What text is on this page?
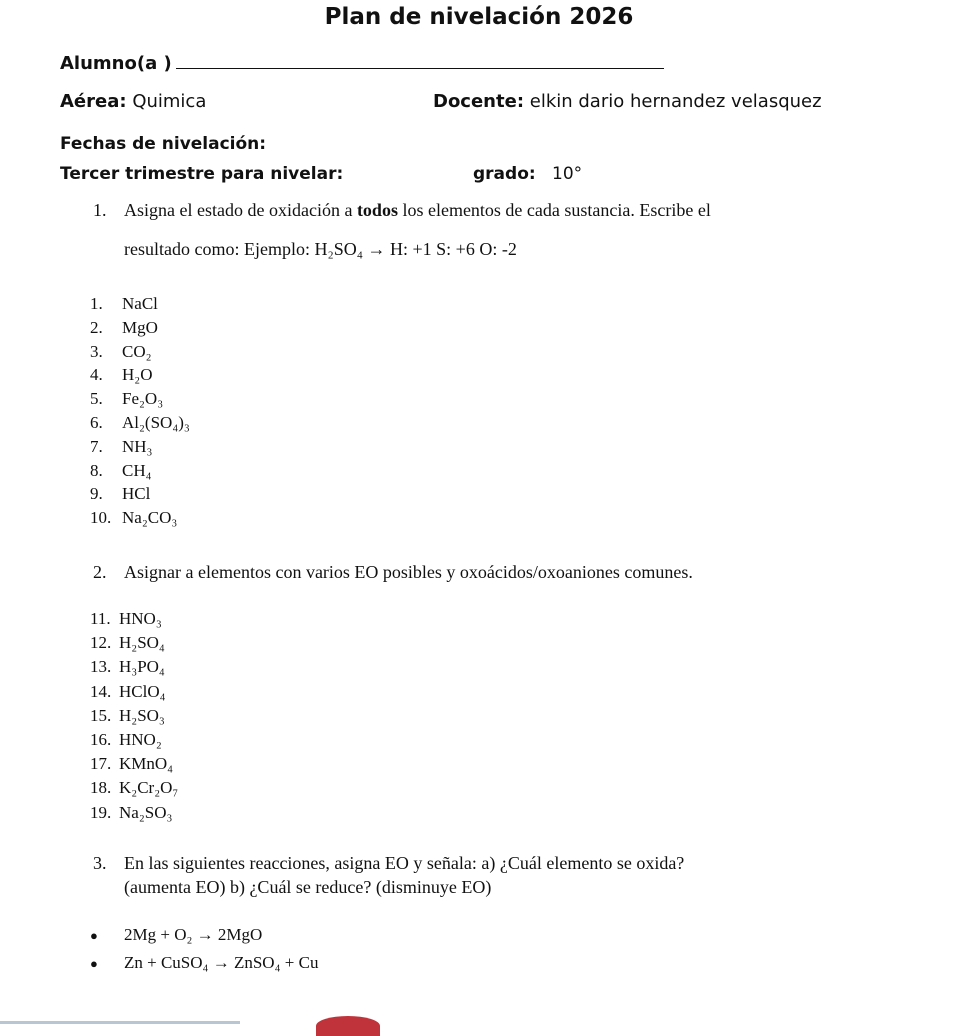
Plan de nivelación 2026
Alumno(a )
Aérea: Quimica	Docente: elkin dario hernandez velasquez
Fechas de nivelación:
Tercer trimestre para nivelar:	grado: 10°
1. Asigna el estado de oxidación a todos los elementos de cada sustancia. Escribe el
resultado como: Ejemplo: H₂SO₄ → H: +1 S: +6 O: -2
1. NaCl
2. MgO
3. CO₂
4. H₂O
5. Fe₂O₃
6. Al₂(SO₄)₃
7. NH₃
8. CH₄
9. HCl
10. Na₂CO₃
2. Asignar a elementos con varios EO posibles y oxoácidos/oxoaniones comunes.
11. HNO₃
12. H₂SO₄
13. H₃PO₄
14. HClO₄
15. H₂SO₃
16. HNO₂
17. KMnO₄
18. K₂Cr₂O₇
19. Na₂SO₃
3. En las siguientes reacciones, asigna EO y señala: a) ¿Cuál elemento se oxida?
(aumenta EO) b) ¿Cuál se reduce? (disminuye EO)
● 2Mg + O₂ → 2MgO
● Zn + CuSO₄ → ZnSO₄ + Cu
